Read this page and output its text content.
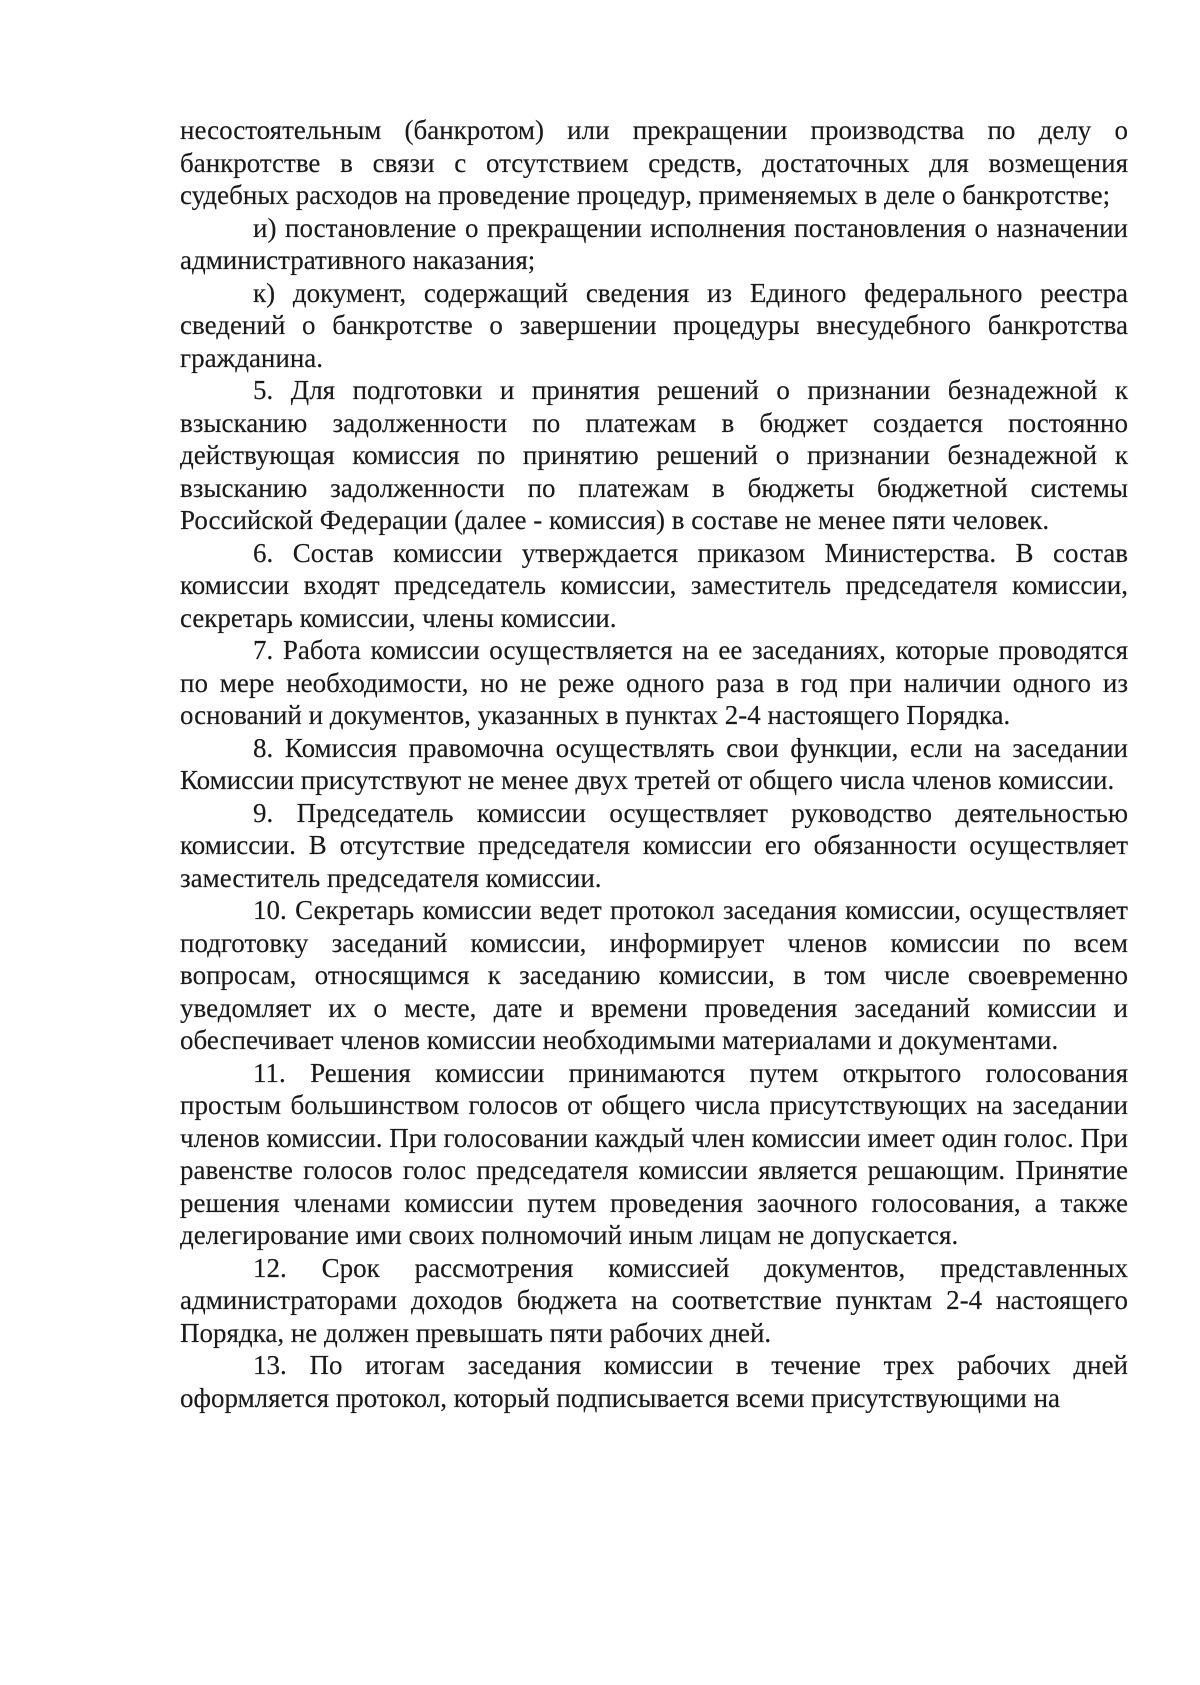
несостоятельным (банкротом) или прекращении производства по делу о банкротстве в связи с отсутствием средств, достаточных для возмещения судебных расходов на проведение процедур, применяемых в деле о банкротстве;

и) постановление о прекращении исполнения постановления о назначении административного наказания;

к) документ, содержащий сведения из Единого федерального реестра сведений о банкротстве о завершении процедуры внесудебного банкротства гражданина.

5. Для подготовки и принятия решений о признании безнадежной к взысканию задолженности по платежам в бюджет создается постоянно действующая комиссия по принятию решений о признании безнадежной к взысканию задолженности по платежам в бюджеты бюджетной системы Российской Федерации (далее - комиссия) в составе не менее пяти человек.

6. Состав комиссии утверждается приказом Министерства. В состав комиссии входят председатель комиссии, заместитель председателя комиссии, секретарь комиссии, члены комиссии.

7. Работа комиссии осуществляется на ее заседаниях, которые проводятся по мере необходимости, но не реже одного раза в год при наличии одного из оснований и документов, указанных в пунктах 2-4 настоящего Порядка.

8. Комиссия правомочна осуществлять свои функции, если на заседании Комиссии присутствуют не менее двух третей от общего числа членов комиссии.

9. Председатель комиссии осуществляет руководство деятельностью комиссии. В отсутствие председателя комиссии его обязанности осуществляет заместитель председателя комиссии.

10. Секретарь комиссии ведет протокол заседания комиссии, осуществляет подготовку заседаний комиссии, информирует членов комиссии по всем вопросам, относящимся к заседанию комиссии, в том числе своевременно уведомляет их о месте, дате и времени проведения заседаний комиссии и обеспечивает членов комиссии необходимыми материалами и документами.

11. Решения комиссии принимаются путем открытого голосования простым большинством голосов от общего числа присутствующих на заседании членов комиссии. При голосовании каждый член комиссии имеет один голос. При равенстве голосов голос председателя комиссии является решающим. Принятие решения членами комиссии путем проведения заочного голосования, а также делегирование ими своих полномочий иным лицам не допускается.

12. Срок рассмотрения комиссией документов, представленных администраторами доходов бюджета на соответствие пунктам 2-4 настоящего Порядка, не должен превышать пяти рабочих дней.

13. По итогам заседания комиссии в течение трех рабочих дней оформляется протокол, который подписывается всеми присутствующими на
